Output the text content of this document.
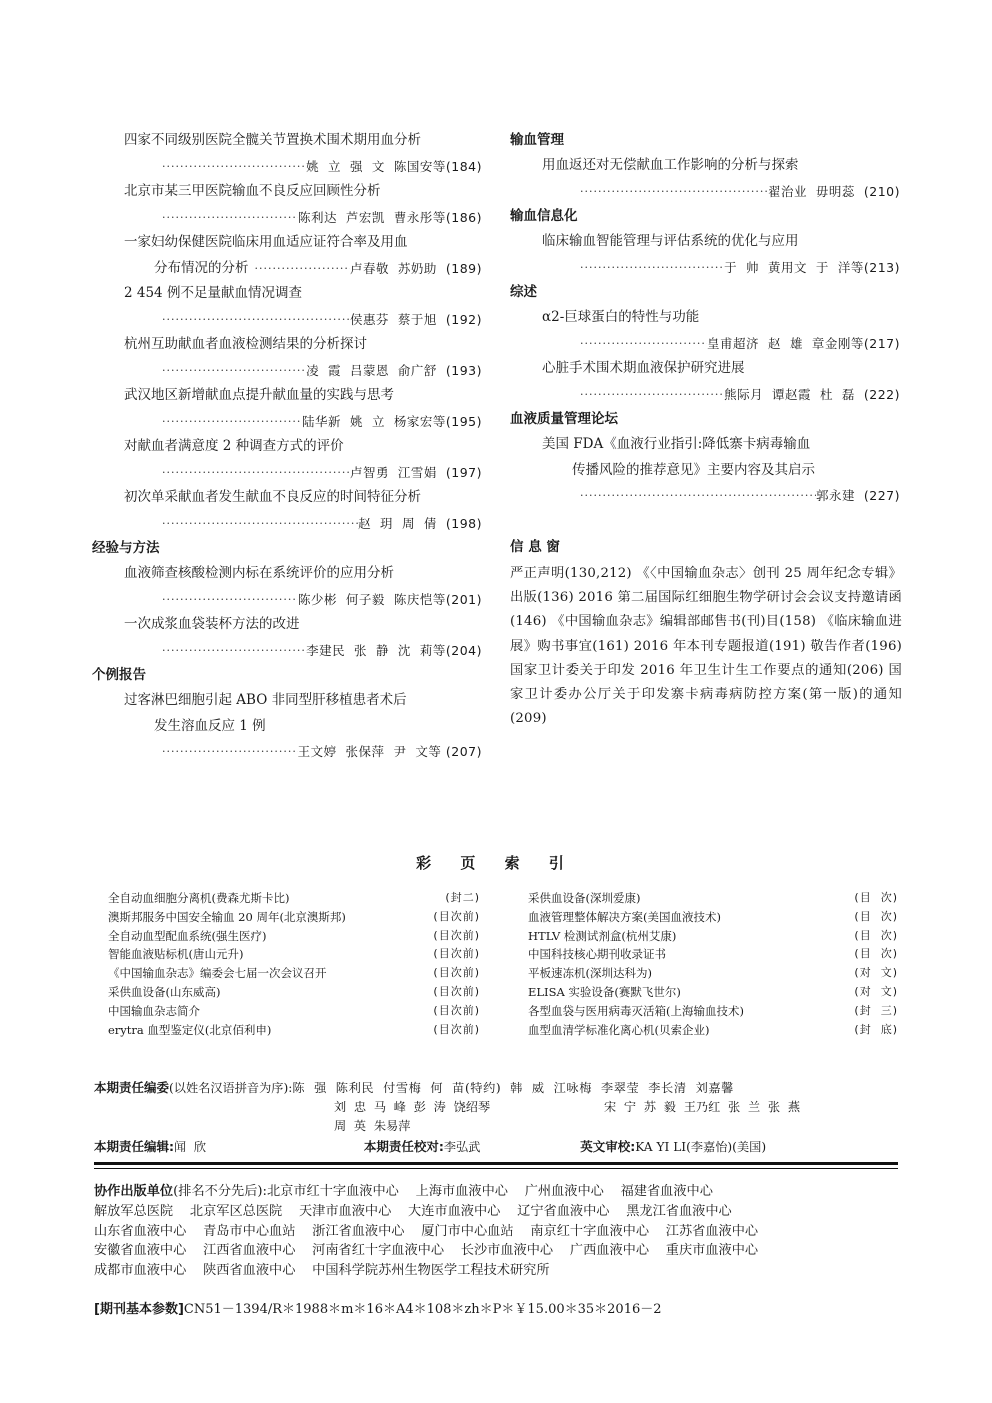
四家不同级别医院全髋关节置换术围术期用血分析
·····
姚  立  强  文  陈国安等(184)
北京市某三甲医院输血不良反应回顾性分析
·····
陈利达  芦宏凯  曹永彤等(186)
一家妇幼保健医院临床用血适应证符合率及用血
分布情况的分析
·····	卢春敬  苏奶助  (189)
2 454 例不足量献血情况调查
·····
侯惠芬  蔡于旭  (192)
杭州互助献血者血液检测结果的分析探讨
·····
凌  霞  吕蒙恩  俞广舒  (193)
武汉地区新增献血点提升献血量的实践与思考
·····
陆华新  姚  立  杨家宏等(195)
对献血者满意度 2 种调查方式的评价
·····
卢智勇  江雪娟  (197)
初次单采献血者发生献血不良反应的时间特征分析
·····
赵  玥  周  倩  (198)
经验与方法
血液筛查核酸检测内标在系统评价的应用分析
·····
陈少彬  何子毅  陈庆恺等(201)
一次成浆血袋装杯方法的改进
·····
李建民  张  静  沈  莉等(204)
个例报告
过客淋巴细胞引起 ABO 非同型肝移植患者术后
发生溶血反应 1 例
·····
王文婷  张保萍  尹  文等 (207)
输血管理
用血返还对无偿献血工作影响的分析与探索
·····
翟治业  毋明蕊  (210)
输血信息化
临床输血智能管理与评估系统的优化与应用
·····
于  帅  黄用文  于  洋等(213)
综述
α2-巨球蛋白的特性与功能
·····
皇甫超济  赵  雄  章金刚等(217)
心脏手术围术期血液保护研究进展
·····
熊际月  谭赵霞  杜  磊  (222)
血液质量管理论坛
美国 FDA《血液行业指引:降低寨卡病毒输血
传播风险的推荐意见》主要内容及其启示
·····
郭永建  (227)
信 息 窗
严正声明(130,212) 《〈中国输血杂志〉创刊 25 周年纪念专辑》出版(136) 2016 第二届国际红细胞生物学研讨会会议支持邀请函(146) 《中国输血杂志》编辑部邮售书(刊)目(158) 《临床输血进展》购书事宜(161) 2016 年本刊专题报道(191) 敬告作者(196) 国家卫计委关于印发 2016 年卫生计生工作要点的通知(206) 国家卫计委办公厅关于印发寨卡病毒病防控方案(第一版)的通知(209)
彩 页 索 引
全自动血细胞分离机(费森尤斯卡比)	(封二)
澳斯邦服务中国安全输血 20 周年(北京澳斯邦)	(目次前)
全自动血型配血系统(强生医疗)	(目次前)
智能血液贴标机(唐山元升)	(目次前)
《中国输血杂志》编委会七届一次会议召开	(目次前)
采供血设备(山东威高)	(目次前)
中国输血杂志简介	(目次前)
erytra 血型鉴定仪(北京佰利申)	(目次前)
采供血设备(深圳爱康)	(目  次)
血液管理整体解决方案(美国血液技术)	(目  次)
HTLV 检测试剂盒(杭州艾康)	(目  次)
中国科技核心期刊收录证书	(目  次)
平板速冻机(深圳达科为)	(对  文)
ELISA 实验设备(赛默飞世尔)	(对  文)
各型血袋与医用病毒灭活箱(上海输血技术)	(封  三)
血型血清学标准化离心机(贝索企业)	(封  底)
本期责任编委(以姓名汉语拼音为序):陈  强  陈利民  付雪梅  何  苗(特约)  韩  威  江咏梅  李翠莹  李长清  刘嘉馨
刘  忠  马  峰  彭  涛  饶绍琴	宋  宁  苏  毅  王乃红  张  兰  张  燕
周  英  朱易萍
本期责任编辑:闻  欣	本期责任校对:李弘武	英文审校:KA YI LI(李嘉怡)(美国)
协作出版单位(排名不分先后):北京市红十字血液中心    上海市血液中心    广州血液中心    福建省血液中心
解放军总医院    北京军区总医院    天津市血液中心    大连市血液中心    辽宁省血液中心    黑龙江省血液中心
山东省血液中心    青岛市中心血站    浙江省血液中心    厦门市中心血站    南京红十字血液中心    江苏省血液中心
安徽省血液中心    江西省血液中心    河南省红十字血液中心    长沙市血液中心    广西血液中心    重庆市血液中心
成都市血液中心    陕西省血液中心    中国科学院苏州生物医学工程技术研究所
[期刊基本参数]CN51－1394/R＊1988＊m＊16＊A4＊108＊zh＊P＊￥15.00＊35＊2016－2
